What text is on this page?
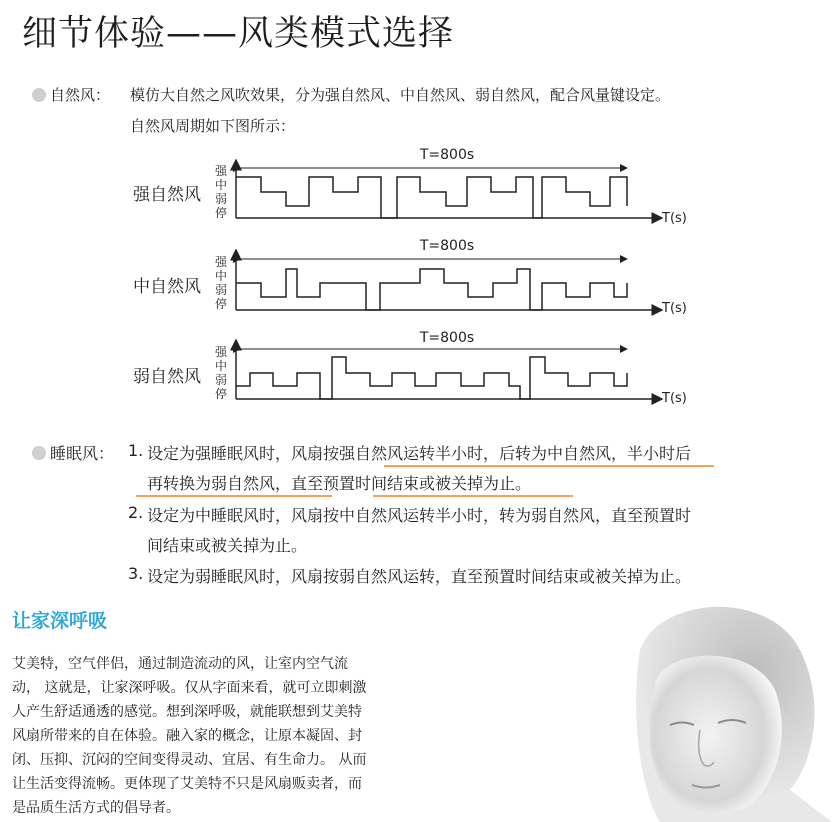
细节体验——风类模式选择
自然风： 模仿大自然之风吹效果，分为强自然风、中自然风、弱自然风，配合风量键设定。
自然风周期如下图所示：
强自然风
中自然风
弱自然风
强
中
弱
停
强
中
弱
停
强
中
弱
停
T=800s
T(s)
T=800s
T(s)
T=800s
T(s)
睡眠风： 1. 设定为强睡眠风时，风扇按强自然风运转半小时，后转为中自然风，半小时后
再转换为弱自然风，直至预置时间结束或被关掉为止。
2. 设定为中睡眠风时，风扇按中自然风运转半小时，转为弱自然风，直至预置时
间结束或被关掉为止。
3. 设定为弱睡眠风时，风扇按弱自然风运转，直至预置时间结束或被关掉为止。
让家深呼吸
艾美特，空气伴侣，通过制造流动的风，让室内空气流
动， 这就是，让家深呼吸。仅从字面来看，就可立即刺激
人产生舒适通透的感觉。想到深呼吸，就能联想到艾美特
风扇所带来的自在体验。融入家的概念，让原本凝固、封
闭、压抑、沉闷的空间变得灵动、宜居、有生命力。 从而
让生活变得流畅。更体现了艾美特不只是风扇贩卖者，而
是品质生活方式的倡导者。
